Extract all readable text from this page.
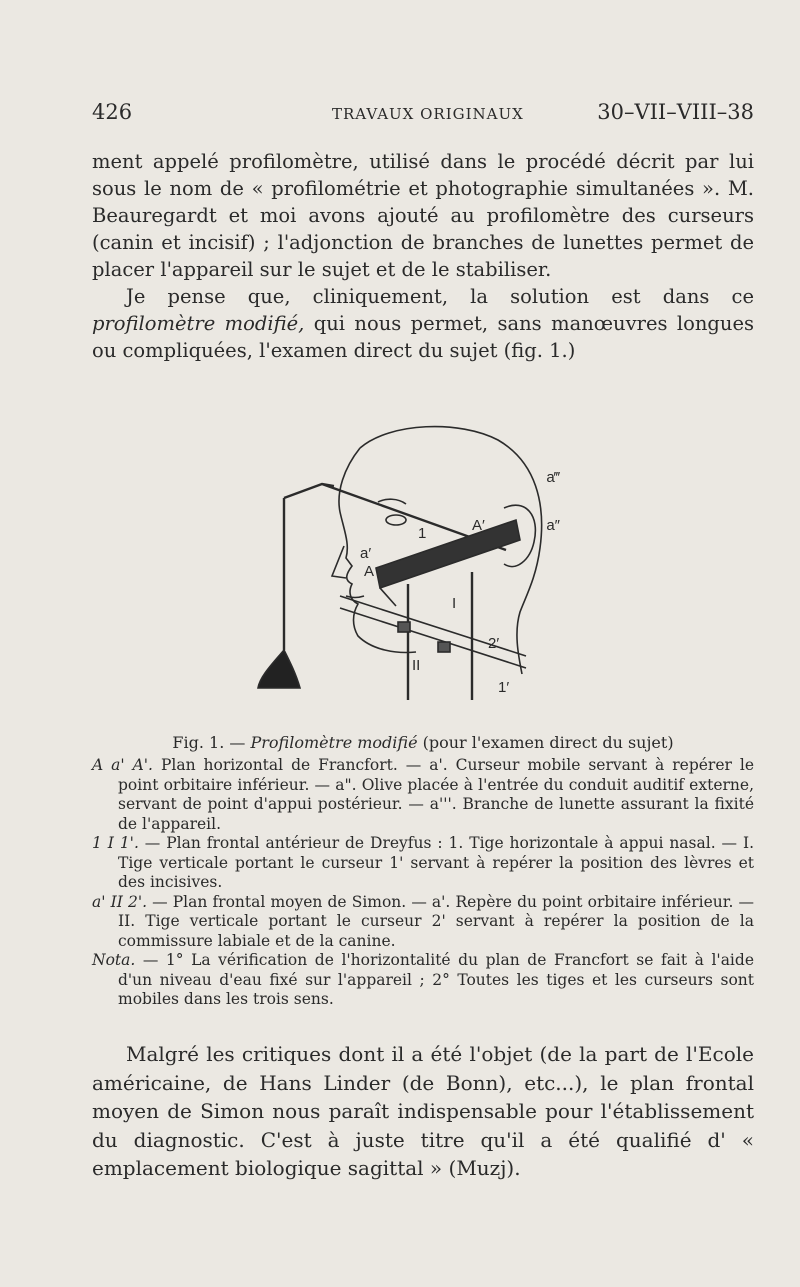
426	TRAVAUX ORIGINAUX	30–VII–VIII–38

ment appelé profilomètre, utilisé dans le procédé décrit par lui sous le nom de « profilométrie et photographie simultanées ». M. Beauregardt et moi avons ajouté au profilomètre des curseurs (canin et incisif) ; l'adjonction de branches de lunettes permet de placer l'appareil sur le sujet et de le stabiliser.

Je pense que, cliniquement, la solution est dans ce profilomètre modifié, qui nous permet, sans manœuvres longues ou compliquées, l'examen direct du sujet (fig. 1.)

a‴
a″
1	A′
a′
A
I
2′
II
1′
Fig. 1. — Profilomètre modifié (pour l'examen direct du sujet)

A a' A'. Plan horizontal de Francfort. — a'. Curseur mobile servant à repérer le point orbitaire inférieur. — a". Olive placée à l'entrée du conduit auditif externe, servant de point d'appui postérieur. — a'''. Branche de lunette assurant la fixité de l'appareil.

1 I 1'. — Plan frontal antérieur de Dreyfus : 1. Tige horizontale à appui nasal. — I. Tige verticale portant le curseur 1' servant à repérer la position des lèvres et des incisives.

a' II 2'. — Plan frontal moyen de Simon. — a'. Repère du point orbitaire inférieur. — II. Tige verticale portant le curseur 2' servant à repérer la position de la commissure labiale et de la canine.

Nota. — 1° La vérification de l'horizontalité du plan de Francfort se fait à l'aide d'un niveau d'eau fixé sur l'appareil ; 2° Toutes les tiges et les curseurs sont mobiles dans les trois sens.

Malgré les critiques dont il a été l'objet (de la part de l'Ecole américaine, de Hans Linder (de Bonn), etc...), le plan frontal moyen de Simon nous paraît indispensable pour l'établissement du diagnostic. C'est à juste titre qu'il a été qualifié d' « emplacement biologique sagittal » (Muzj).
